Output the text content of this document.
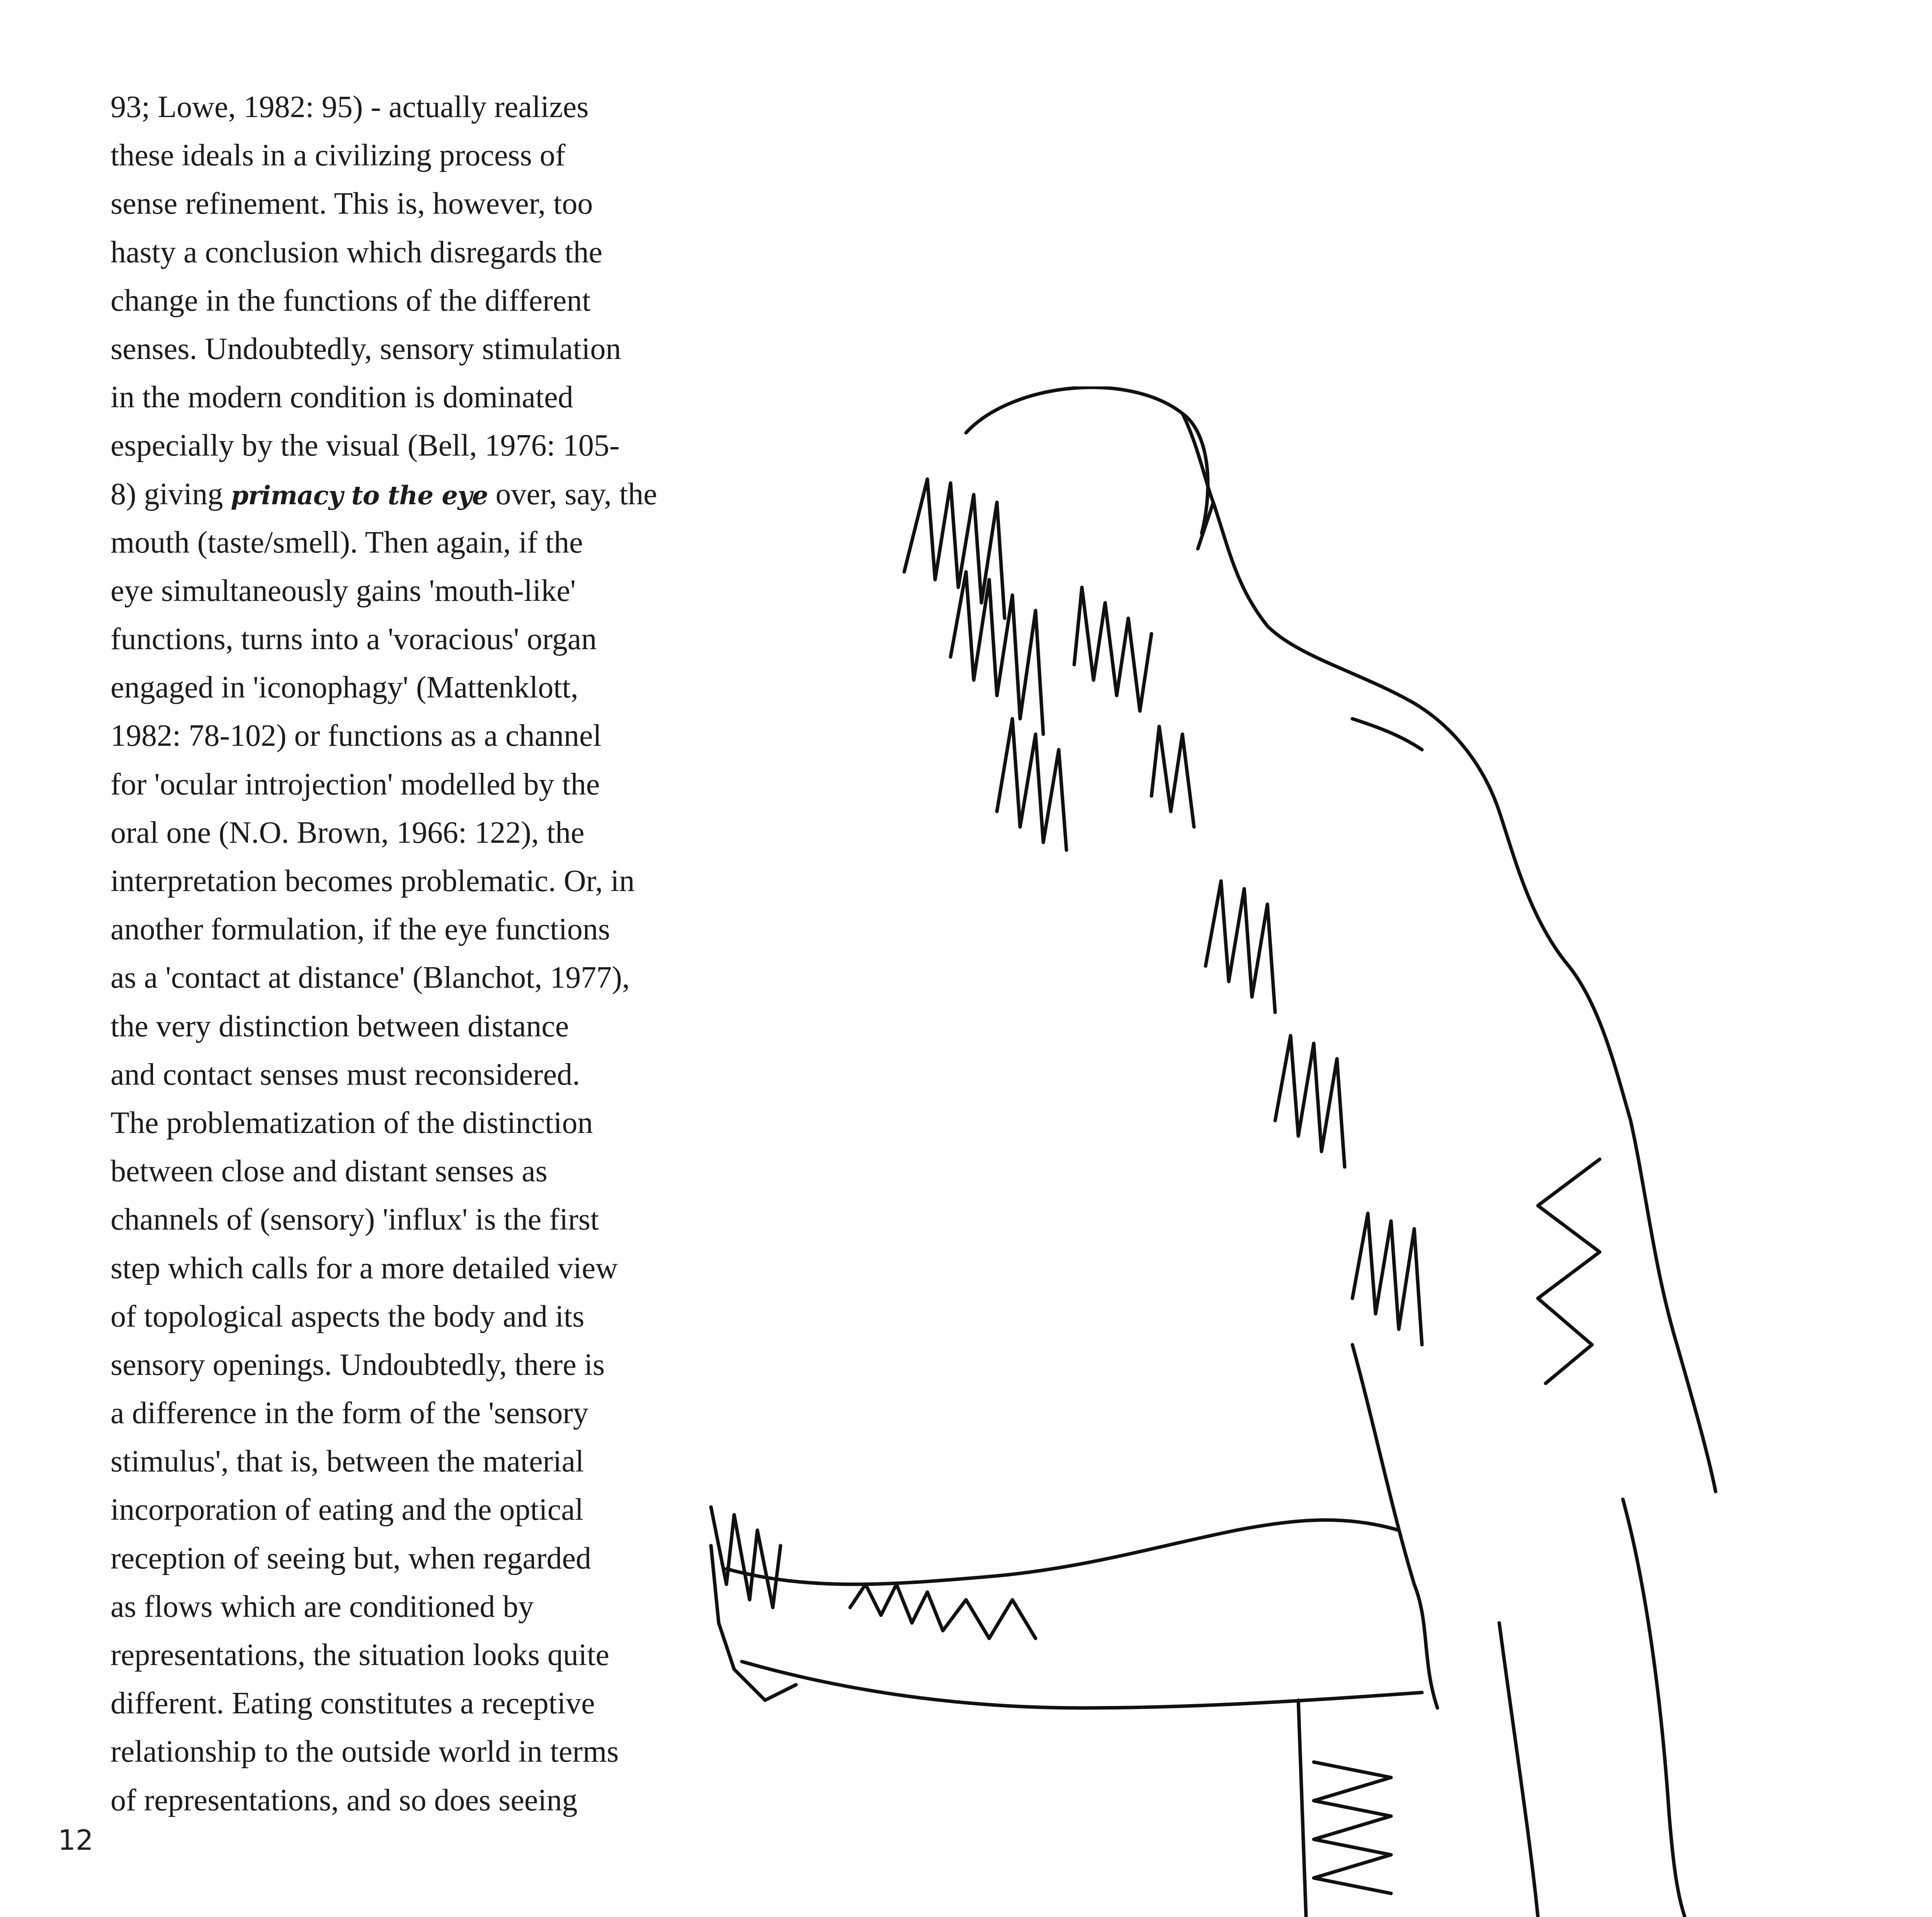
93; Lowe, 1982: 95) - actually realizes
these ideals in a civilizing process of
sense refinement. This is, however, too
hasty a conclusion which disregards the
change in the functions of the different
senses. Undoubtedly, sensory stimulation
in the modern condition is dominated
especially by the visual (Bell, 1976: 105-
8) giving primacy to the eye over, say, the
mouth (taste/smell). Then again, if the
eye simultaneously gains 'mouth-like'
functions, turns into a 'voracious' organ
engaged in 'iconophagy' (Mattenklott,
1982: 78-102) or functions as a channel
for 'ocular introjection' modelled by the
oral one (N.O. Brown, 1966: 122), the
interpretation becomes problematic. Or, in
another formulation, if the eye functions
as a 'contact at distance' (Blanchot, 1977),
the very distinction between distance
and contact senses must reconsidered.
The problematization of the distinction
between close and distant senses as
channels of (sensory) 'influx' is the first
step which calls for a more detailed view
of topological aspects the body and its
sensory openings. Undoubtedly, there is
a difference in the form of the 'sensory
stimulus', that is, between the material
incorporation of eating and the optical
reception of seeing but, when regarded
as flows which are conditioned by
representations, the situation looks quite
different. Eating constitutes a receptive
relationship to the outside world in terms
of representations, and so does seeing
12
